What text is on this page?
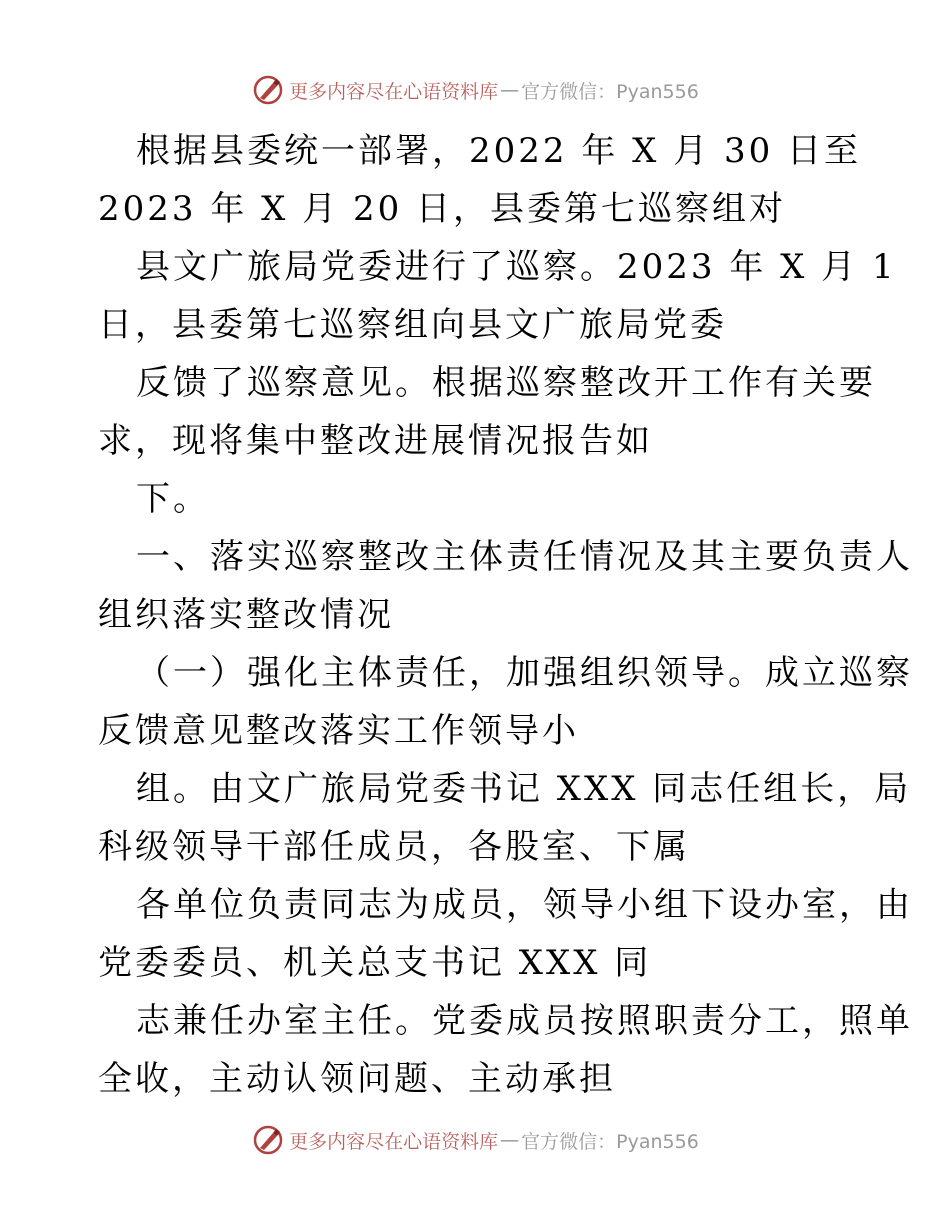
更多内容尽在心语资料库 — 官方微信：Pyan556
根据县委统一部署，2022 年 X 月 30 日至
2023 年 X 月 20 日，县委第七巡察组对
县文广旅局党委进行了巡察。2023 年 X 月 1
日，县委第七巡察组向县文广旅局党委
反馈了巡察意见。根据巡察整改开工作有关要
求，现将集中整改进展情况报告如
下。
一、落实巡察整改主体责任情况及其主要负责人
组织落实整改情况
（一）强化主体责任，加强组织领导。成立巡察
反馈意见整改落实工作领导小
组。由文广旅局党委书记 XXX 同志任组长，局
科级领导干部任成员，各股室、下属
各单位负责同志为成员，领导小组下设办室，由
党委委员、机关总支书记 XXX 同
志兼任办室主任。党委成员按照职责分工，照单
全收，主动认领问题、主动承担
更多内容尽在心语资料库 — 官方微信：Pyan556
